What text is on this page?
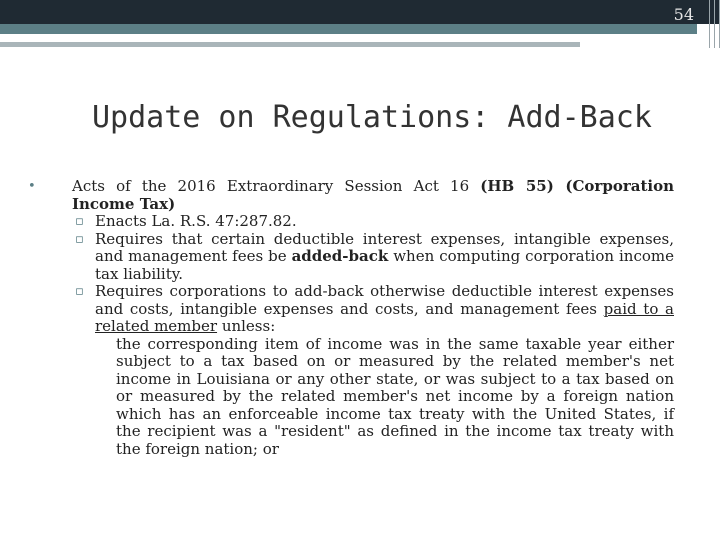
54
Update on Regulations: Add-Back
• Acts of the 2016 Extraordinary Session Act 16 (HB 55) (Corporation Income Tax)
▫ Enacts La. R.S. 47:287.82.
▫ Requires that certain deductible interest expenses, intangible expenses, and management fees be added-back when computing corporation income tax liability.
▫ Requires corporations to add-back otherwise deductible interest expenses and costs, intangible expenses and costs, and management fees paid to a related member unless:
the corresponding item of income was in the same taxable year either subject to a tax based on or measured by the related member's net income in Louisiana or any other state, or was subject to a tax based on or measured by the related member's net income by a foreign nation which has an enforceable income tax treaty with the United States, if the recipient was a "resident" as defined in the income tax treaty with the foreign nation; or
